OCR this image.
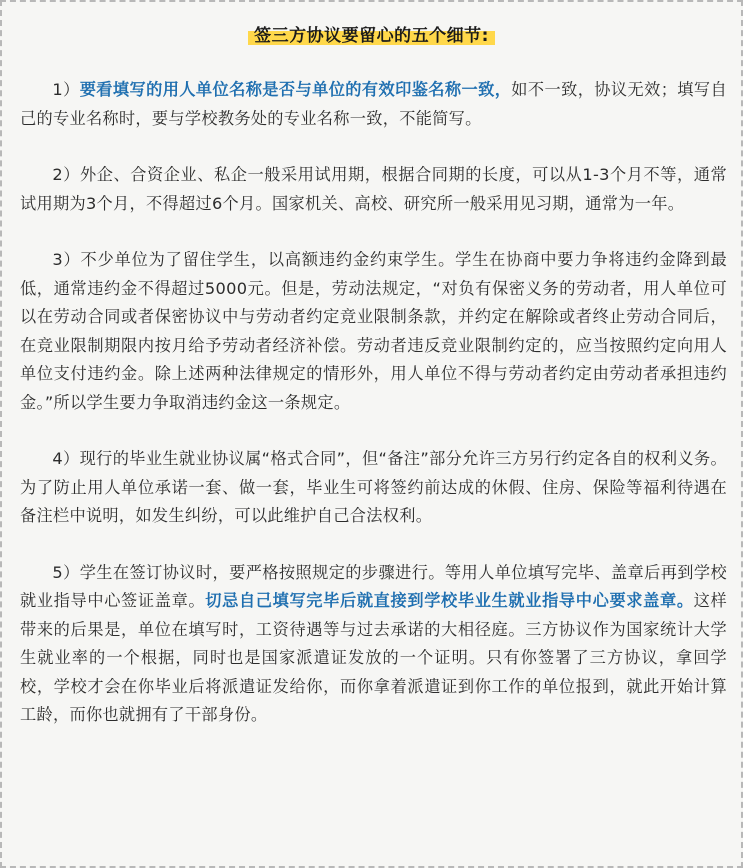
签三方协议要留心的五个细节:

1）要看填写的用人单位名称是否与单位的有效印鉴名称一致，如不一致，协议无效；填写自己的专业名称时，要与学校教务处的专业名称一致，不能简写。

2）外企、合资企业、私企一般采用试用期，根据合同期的长度，可以从1-3个月不等，通常试用期为3个月，不得超过6个月。国家机关、高校、研究所一般采用见习期，通常为一年。

3）不少单位为了留住学生，以高额违约金约束学生。学生在协商中要力争将违约金降到最低，通常违约金不得超过5000元。但是，劳动法规定，“对负有保密义务的劳动者，用人单位可以在劳动合同或者保密协议中与劳动者约定竞业限制条款，并约定在解除或者终止劳动合同后，在竞业限制期限内按月给予劳动者经济补偿。劳动者违反竞业限制约定的，应当按照约定向用人单位支付违约金。除上述两种法律规定的情形外，用人单位不得与劳动者约定由劳动者承担违约金。”所以学生要力争取消违约金这一条规定。

4）现行的毕业生就业协议属“格式合同”，但“备注”部分允许三方另行约定各自的权利义务。为了防止用人单位承诺一套、做一套，毕业生可将签约前达成的休假、住房、保险等福利待遇在备注栏中说明，如发生纠纷，可以此维护自己合法权利。

5）学生在签订协议时，要严格按照规定的步骤进行。等用人单位填写完毕、盖章后再到学校就业指导中心签证盖章。切忌自己填写完毕后就直接到学校毕业生就业指导中心要求盖章。这样带来的后果是，单位在填写时，工资待遇等与过去承诺的大相径庭。三方协议作为国家统计大学生就业率的一个根据，同时也是国家派遣证发放的一个证明。只有你签署了三方协议，拿回学校，学校才会在你毕业后将派遣证发给你，而你拿着派遣证到你工作的单位报到，就此开始计算工龄，而你也就拥有了干部身份。
